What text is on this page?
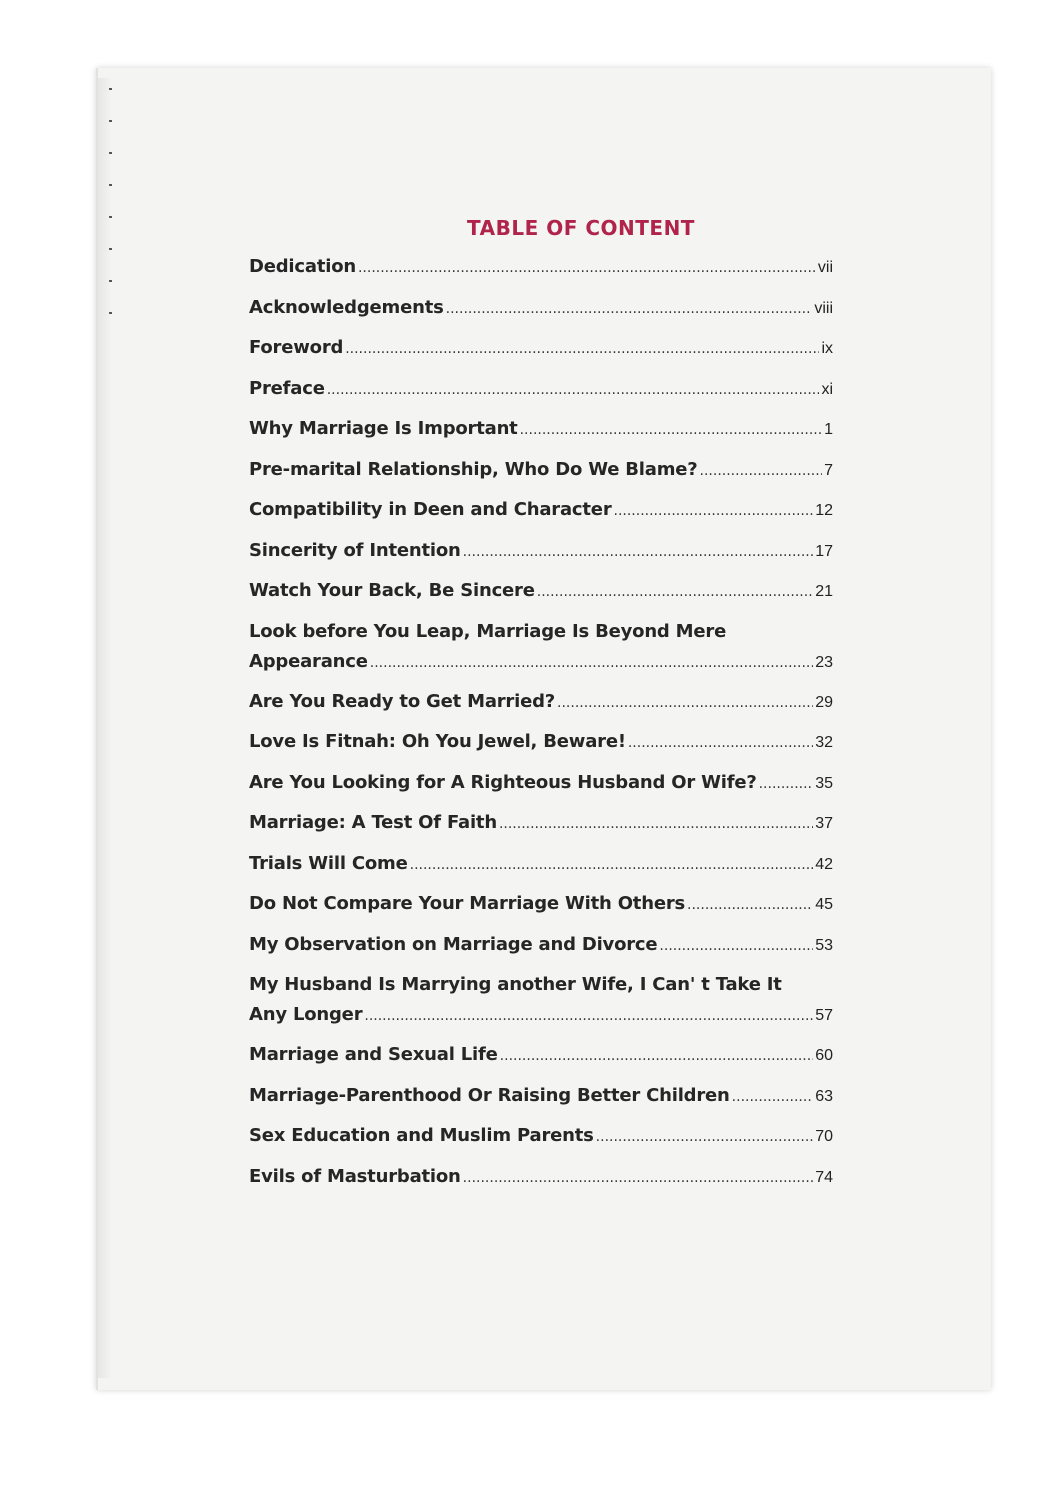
TABLE OF CONTENT
Dedication .....	vii
Acknowledgements .....	viii
Foreword .....	ix
Preface .....	xi
Why Marriage Is Important .....	1
Pre-marital Relationship, Who Do We Blame? .....	7
Compatibility in Deen and Character .....	12
Sincerity of Intention .....	17
Watch Your Back, Be Sincere .....	21
Look before You Leap, Marriage Is Beyond Mere
Appearance .....	23
Are You Ready to Get Married? .....	29
Love Is Fitnah: Oh You Jewel, Beware! .....	32
Are You Looking for A Righteous Husband Or Wife? .....	35
Marriage: A Test Of Faith .....	37
Trials Will Come .....	42
Do Not Compare Your Marriage With Others .....	45
My Observation on Marriage and Divorce .....	53
My Husband Is Marrying another Wife, I Can' t Take It
Any Longer .....	57
Marriage and Sexual Life .....	60
Marriage-Parenthood Or Raising Better Children .....	63
Sex Education and Muslim Parents .....	70
Evils of Masturbation .....	74
